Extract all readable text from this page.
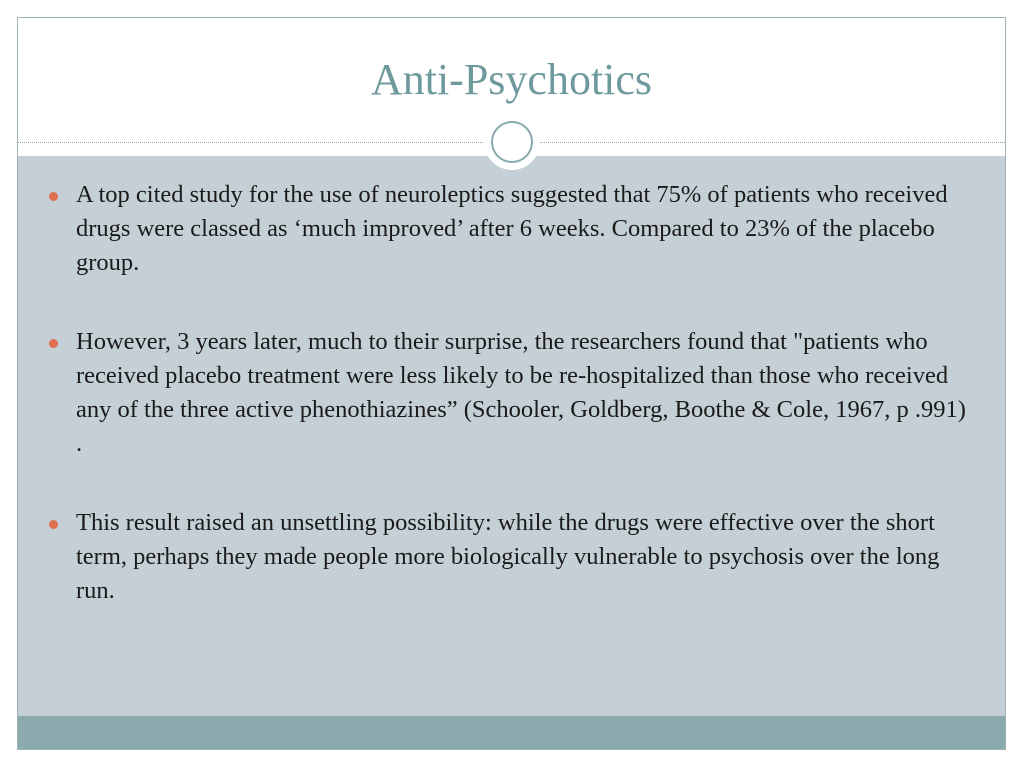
Anti-Psychotics
A top cited study for the use of neuroleptics suggested that 75% of patients who received drugs were classed as ‘much improved’ after 6 weeks. Compared to 23% of the placebo group.
However, 3 years later, much to their surprise, the researchers found that "patients who received placebo treatment were less likely to be re-hospitalized than those who received any of the three active phenothiazines” (Schooler, Goldberg, Boothe & Cole, 1967, p .991) .
This result raised an unsettling possibility: while the drugs were effective over the short term, perhaps they made people more biologically vulnerable to psychosis over the long run.
